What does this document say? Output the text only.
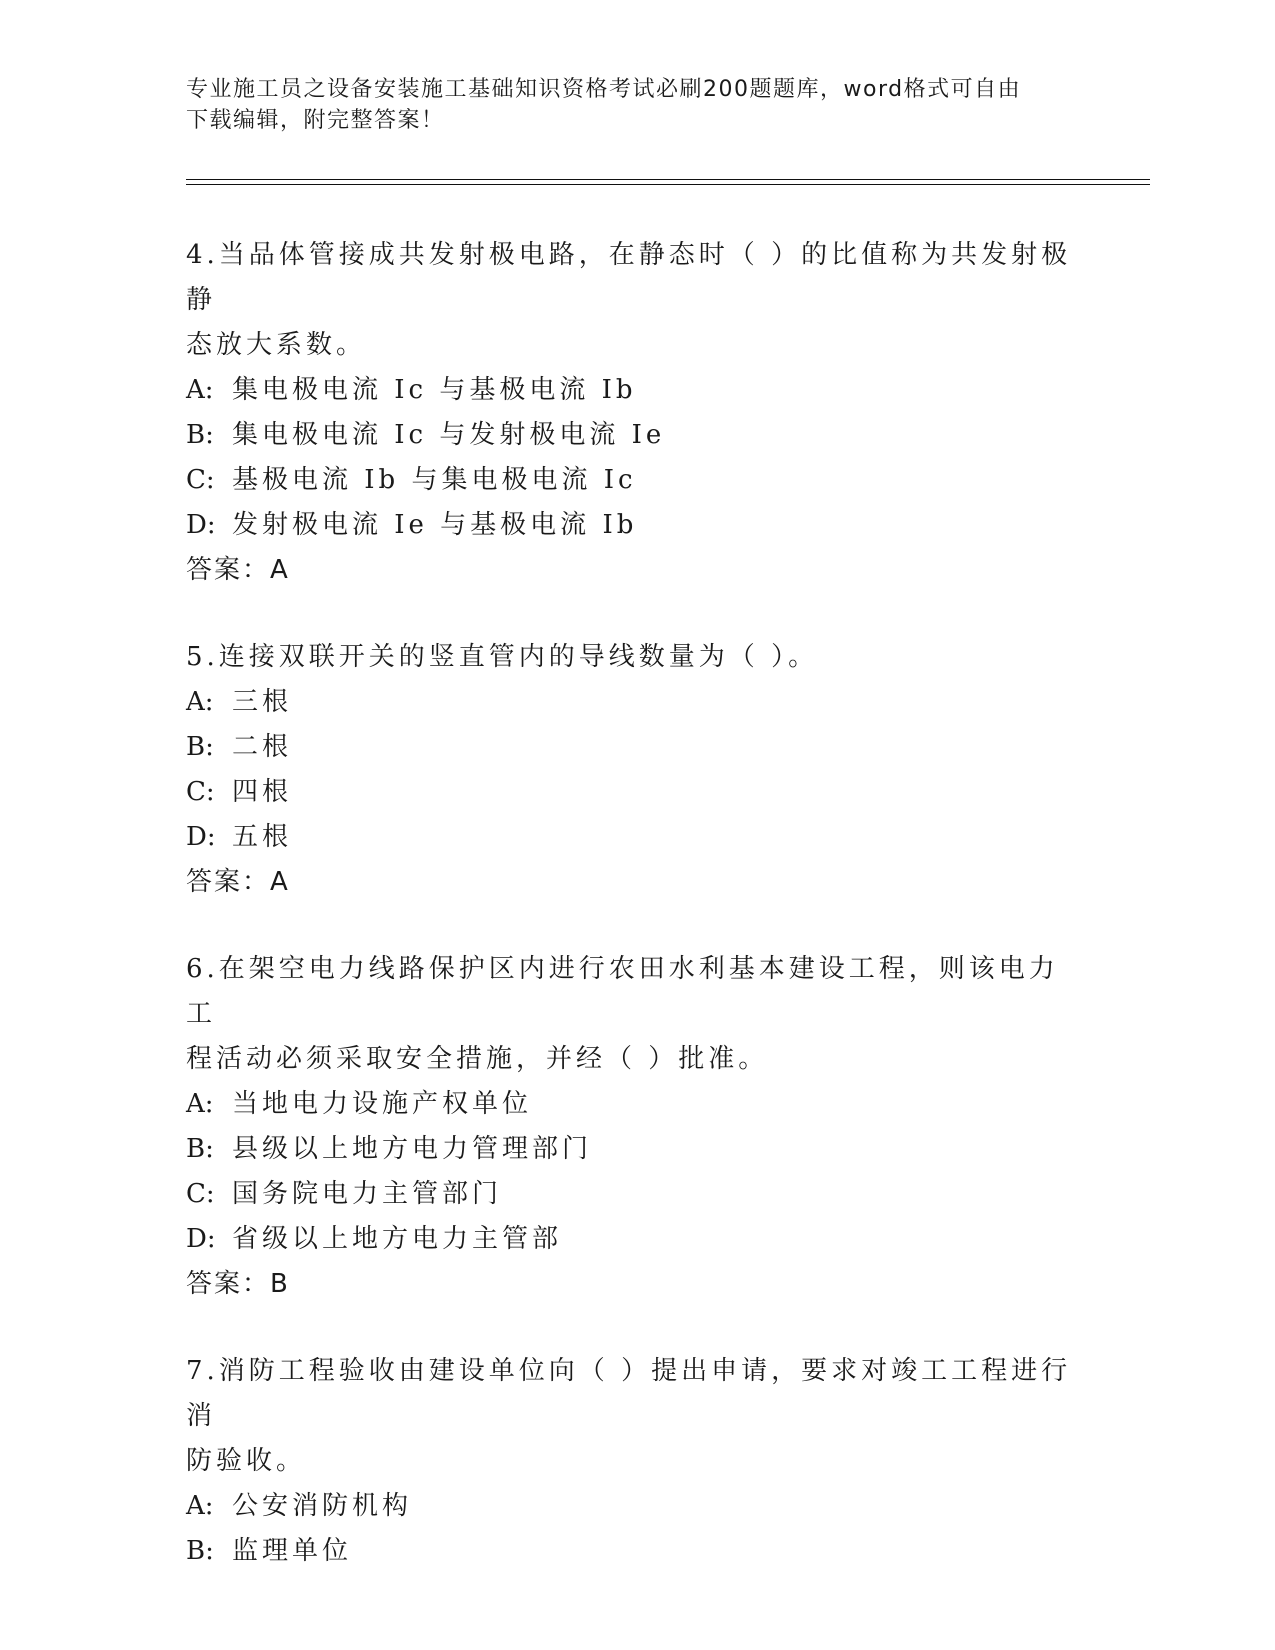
专业施工员之设备安装施工基础知识资格考试必刷200题题库，word格式可自由
下载编辑，附完整答案！

4.当品体管接成共发射极电路，在静态时（ ）的比值称为共发射极静
态放大系数。

A: 集电极电流 Ic 与基极电流 Ib

B: 集电极电流 Ic 与发射极电流 Ie

C: 基极电流 Ib 与集电极电流 Ic

D: 发射极电流 Ie 与基极电流 Ib

答案：A

5.连接双联开关的竖直管内的导线数量为（ ）。

A: 三根

B: 二根

C: 四根

D: 五根

答案：A

6.在架空电力线路保护区内进行农田水利基本建设工程，则该电力工
程活动必须采取安全措施，并经（ ）批准。

A: 当地电力设施产权单位

B: 县级以上地方电力管理部门

C: 国务院电力主管部门

D: 省级以上地方电力主管部

答案：B

7.消防工程验收由建设单位向（ ）提出申请，要求对竣工工程进行消
防验收。

A: 公安消防机构

B: 监理单位
